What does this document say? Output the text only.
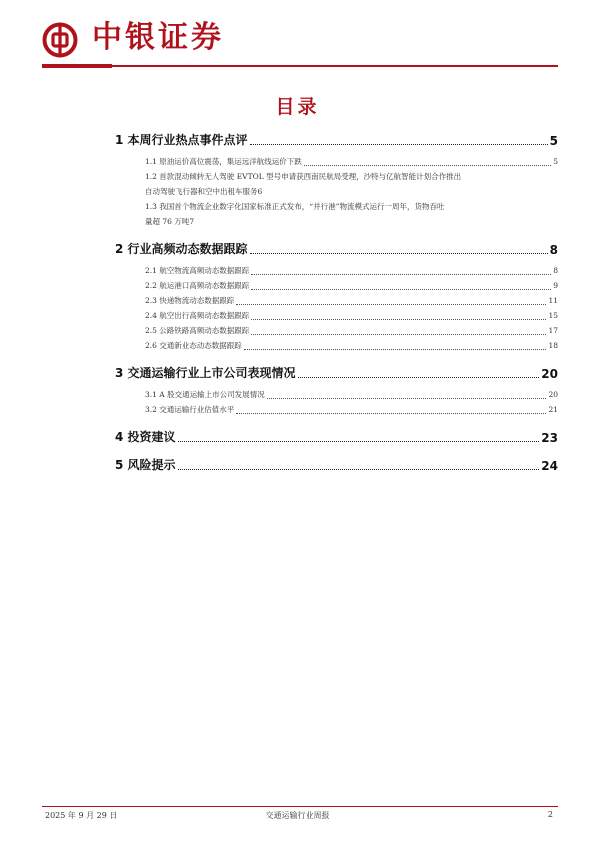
中银证券
目录
1 本周行业热点事件点评	5
1.1 原油运价高位震荡，集运远洋航线运价下跌	5
1.2 首款混动倾转无人驾驶 EVTOL 型号申请获西南民航局受理，沙特与亿航智能计划合作推出
自动驾驶飞行器和空中出租车服务 6
1.3 我国首个物流企业数字化国家标准正式发布，“并行港”物流模式运行一周年，货物吞吐
量超 76 万吨 7
2 行业高频动态数据跟踪	8
2.1 航空物流高频动态数据跟踪	8
2.2 航运港口高频动态数据跟踪	9
2.3 快递物流动态数据跟踪	11
2.4 航空出行高频动态数据跟踪	15
2.5 公路铁路高频动态数据跟踪	17
2.6 交通新业态动态数据跟踪	18
3 交通运输行业上市公司表现情况	20
3.1 A 股交通运输上市公司发展情况	20
3.2 交通运输行业估值水平	21
4 投资建议	23
5 风险提示	24
2025 年 9 月 29 日	交通运输行业周报	2
